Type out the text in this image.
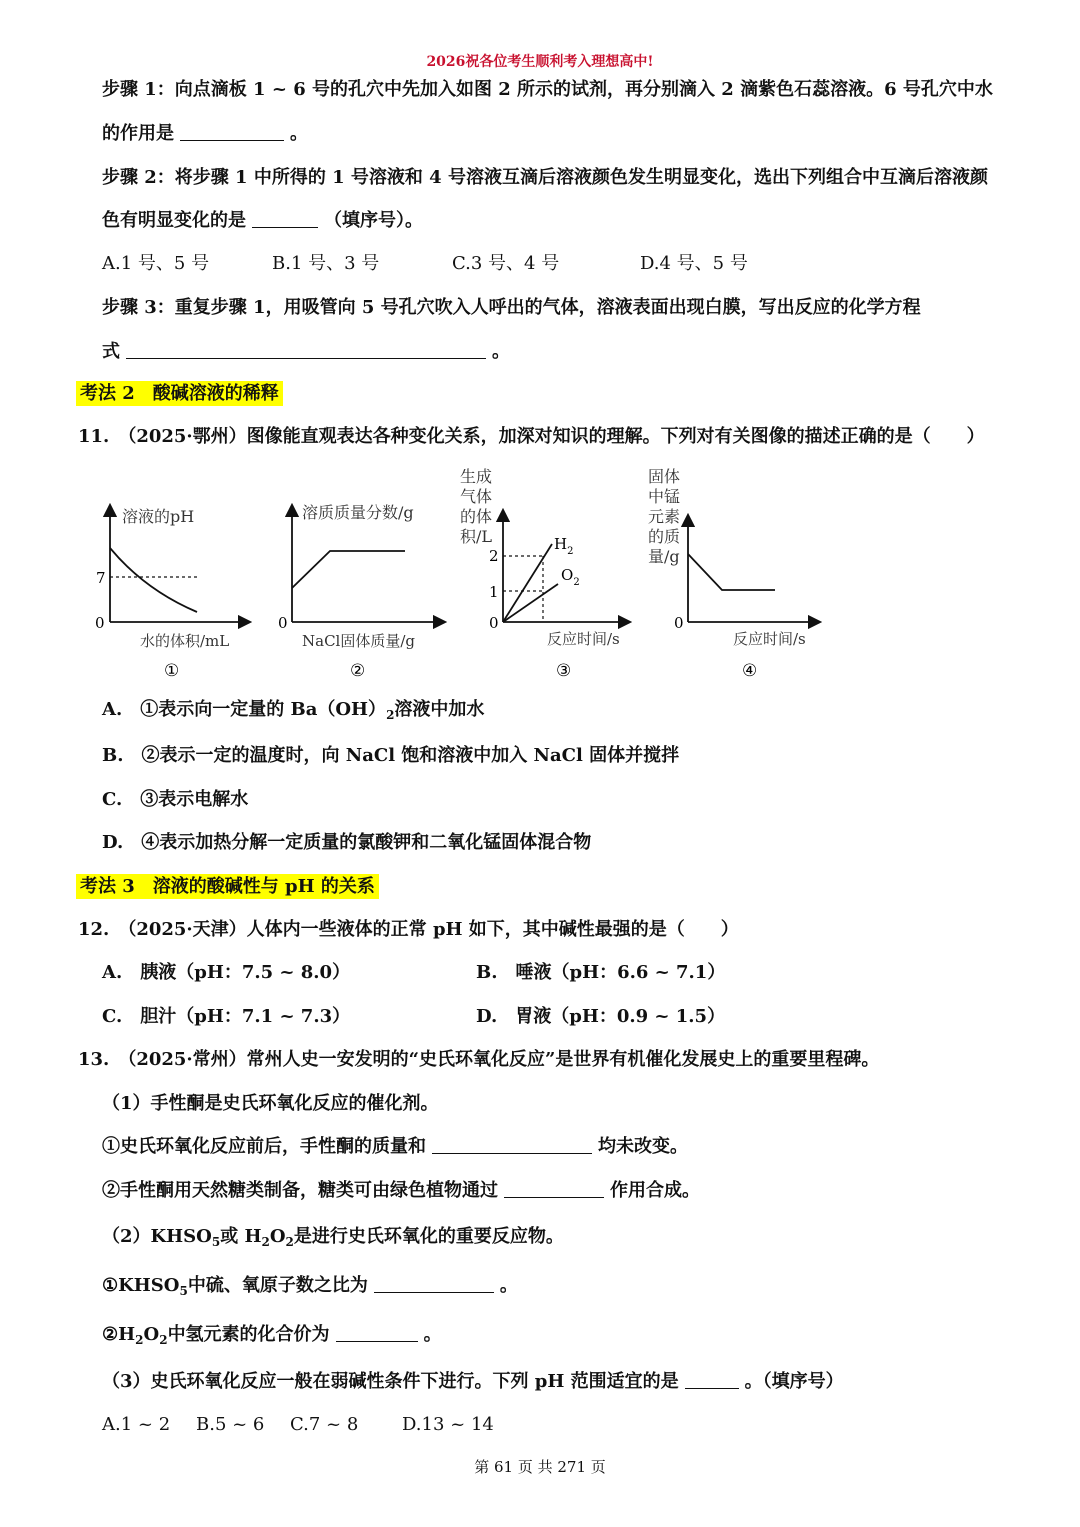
2026祝各位考生顺利考入理想高中!
步骤 1：向点滴板 1 ~ 6 号的孔穴中先加入如图 2 所示的试剂，再分别滴入 2 滴紫色石蕊溶液。6 号孔穴中水
的作用是	。
步骤 2：将步骤 1 中所得的 1 号溶液和 4 号溶液互滴后溶液颜色发生明显变化，选出下列组合中互滴后溶液颜
色有明显变化的是	（填序号）。
A.1 号、5 号	B.1 号、3 号	C.3 号、4 号	D.4 号、5 号
步骤 3：重复步骤 1，用吸管向 5 号孔穴吹入人呼出的气体，溶液表面出现白膜，写出反应的化学方程
式	。
考法 2　酸碱溶液的稀释
11.　（2025·鄂州）图像能直观表达各种变化关系，加深对知识的理解。下列对有关图像的描述正确的是（　　）
溶液的pH
7
0
水的体积/mL
①
溶质质量分数/g
0
NaCl固体质量/g
②
生成
气体
的体
积/L
2
1
0
$H_2$
$O_2$
反应时间/s
③
固体
中锰
元素
的质
量/g
0
反应时间/s
④
A.　①表示向一定量的 $Ba(OH)_2$溶液中加水
B.　②表示一定的温度时，向 NaCl 饱和溶液中加入 NaCl 固体并搅拌
C.　③表示电解水
D.　④表示加热分解一定质量的氯酸钾和二氧化锰固体混合物
考法 3　溶液的酸碱性与 pH 的关系
12.　（2025·天津）人体内一些液体的正常 pH 如下，其中碱性最强的是（　　）
A.　胰液（pH：7.5 ~ 8.0）	B.　唾液（pH：6.6 ~ 7.1）
C.　胆汁（pH：7.1 ~ 7.3）	D.　胃液（pH：0.9 ~ 1.5）
13.　（2025·常州）常州人史一安发明的“史氏环氧化反应”是世界有机催化发展史上的重要里程碑。
（1）手性酮是史氏环氧化反应的催化剂。
①史氏环氧化反应前后，手性酮的质量和	均未改变。
②手性酮用天然糖类制备，糖类可由绿色植物通过	作用合成。
$(2)KHSO_5$或 $H_2O_2$是进行史氏环氧化的重要反应物。
$①KHSO_5$中硫、氧原子数之比为	。
$②H_2O_2$中氢元素的化合价为	。
（3）史氏环氧化反应一般在弱碱性条件下进行。下列 pH 范围适宜的是	。（填序号）
A.1 ~ 2 B.5 ~ 6 C.7 ~ 8 D.13 ~ 14
第 61 页 共 271 页
